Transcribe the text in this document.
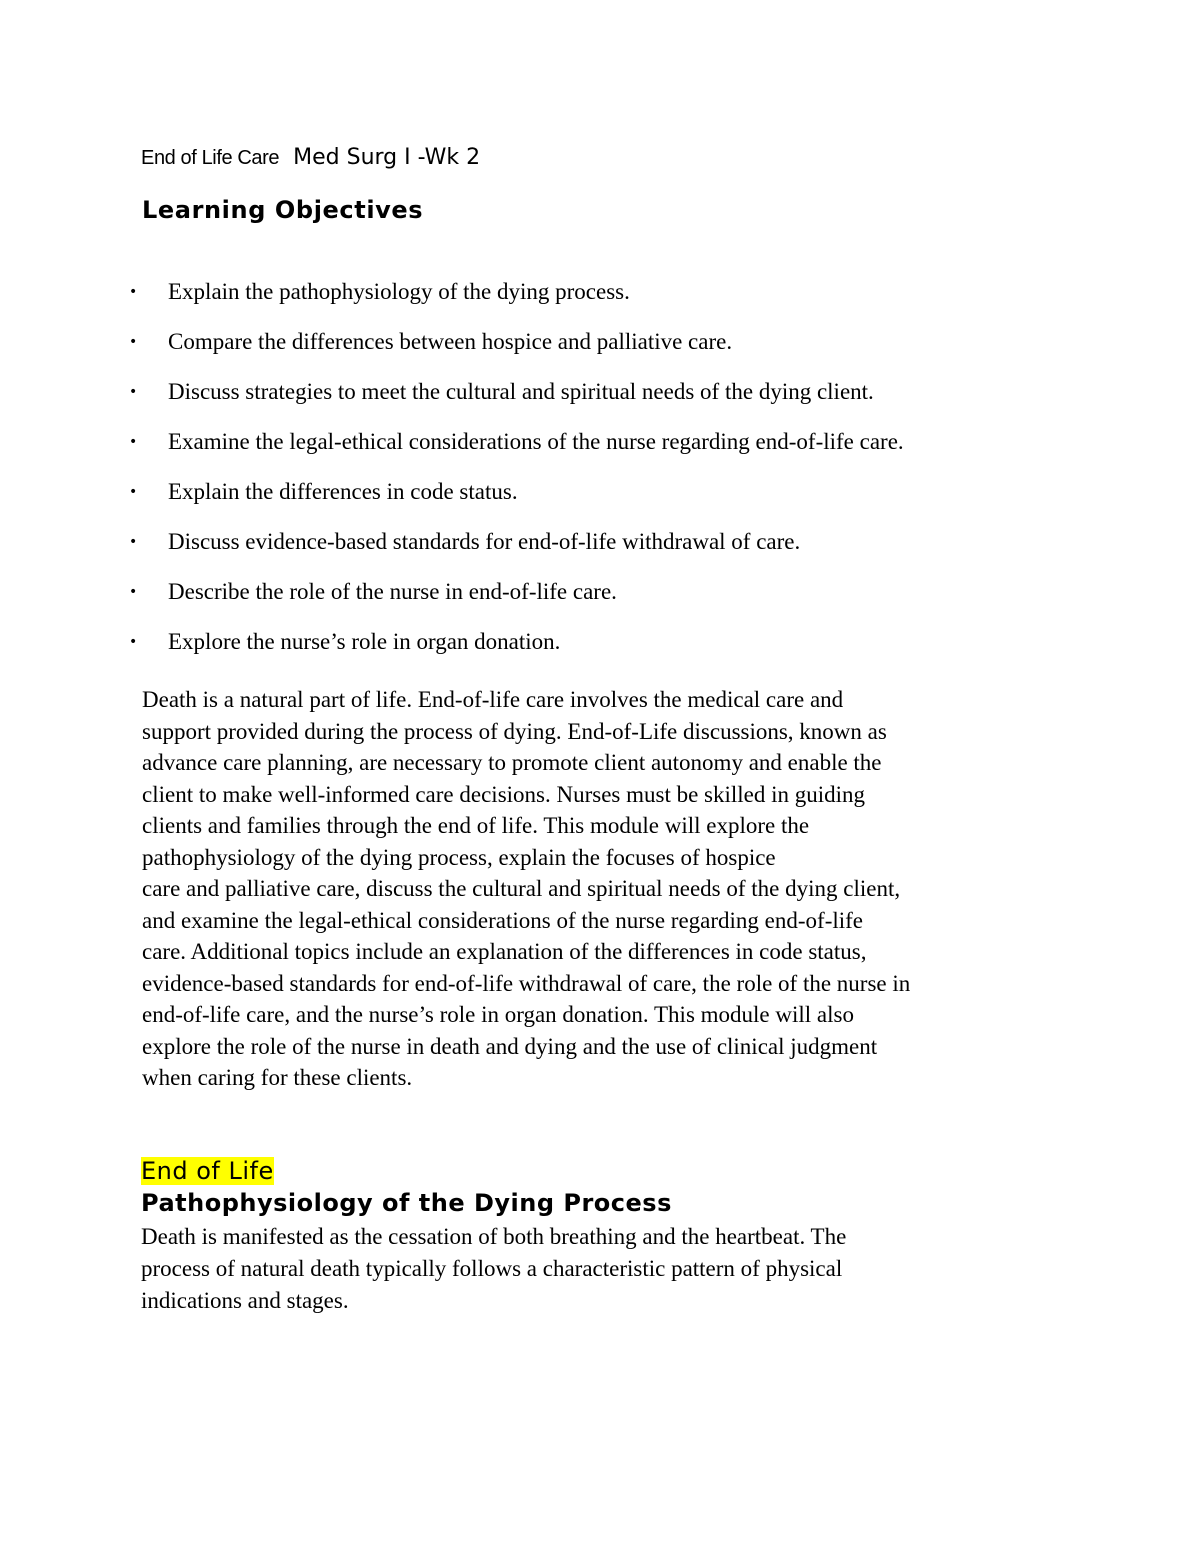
End of Life Care Med Surg I -Wk 2
Learning Objectives
• Explain the pathophysiology of the dying process.
• Compare the differences between hospice and palliative care.
• Discuss strategies to meet the cultural and spiritual needs of the dying client.
• Examine the legal-ethical considerations of the nurse regarding end-of-life care.
• Explain the differences in code status.
• Discuss evidence-based standards for end-of-life withdrawal of care.
• Describe the role of the nurse in end-of-life care.
• Explore the nurse’s role in organ donation.

Death is a natural part of life. End-of-life care involves the medical care and
support provided during the process of dying. End-of-Life discussions, known as
advance care planning, are necessary to promote client autonomy and enable the
client to make well-informed care decisions. Nurses must be skilled in guiding
clients and families through the end of life. This module will explore the
pathophysiology of the dying process, explain the focuses of hospice
care and palliative care, discuss the cultural and spiritual needs of the dying client,
and examine the legal-ethical considerations of the nurse regarding end-of-life
care. Additional topics include an explanation of the differences in code status,
evidence-based standards for end-of-life withdrawal of care, the role of the nurse in
end-of-life care, and the nurse’s role in organ donation. This module will also
explore the role of the nurse in death and dying and the use of clinical judgment
when caring for these clients.

End of Life
Pathophysiology of the Dying Process

Death is manifested as the cessation of both breathing and the heartbeat. The
process of natural death typically follows a characteristic pattern of physical
indications and stages.
